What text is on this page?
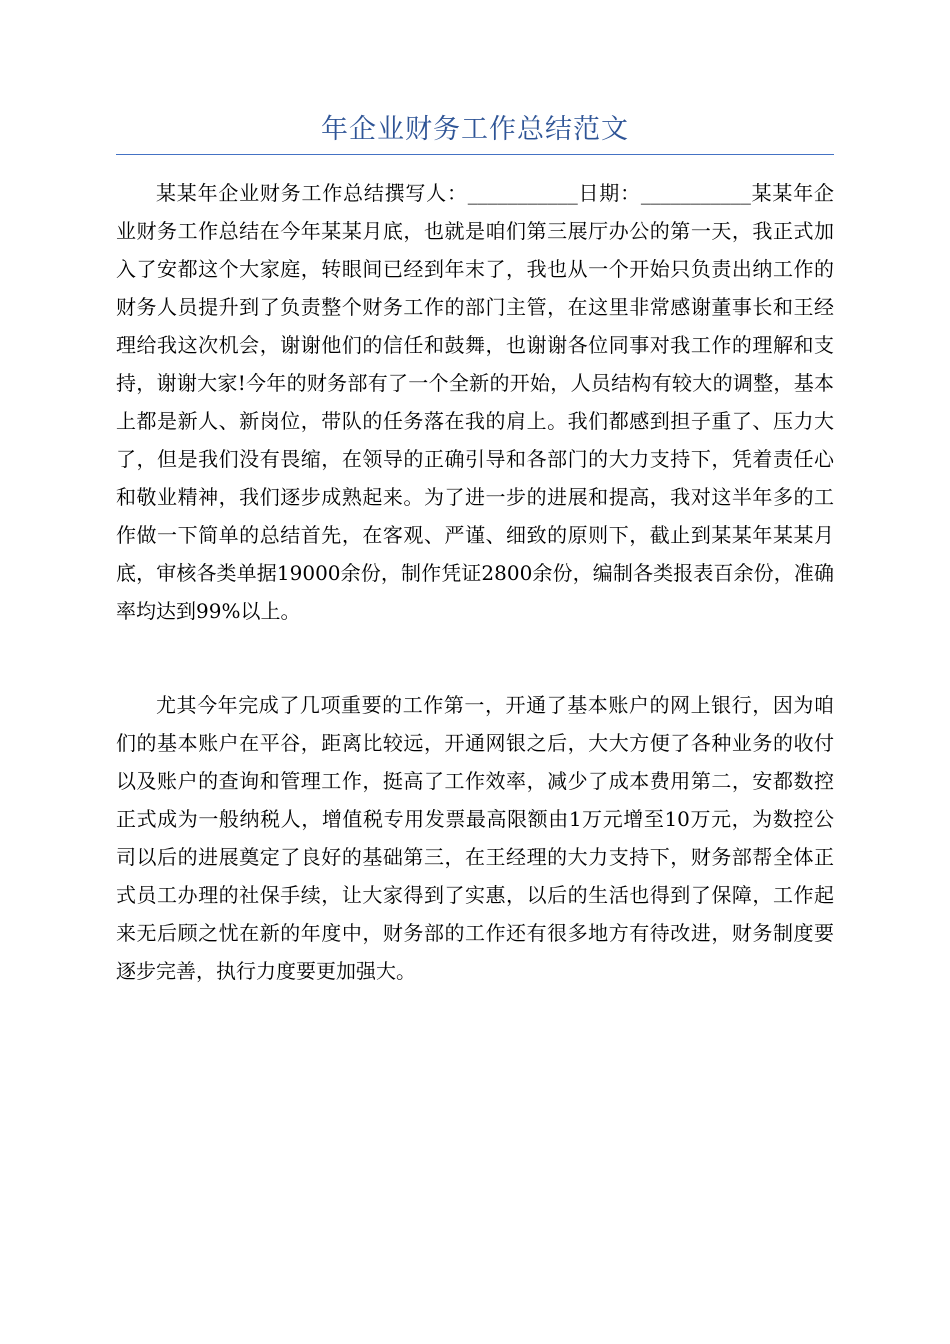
年企业财务工作总结范文

某某年企业财务工作总结撰写人：___________日期：___________某某年企业财务工作总结在今年某某月底，也就是咱们第三展厅办公的第一天，我正式加入了安都这个大家庭，转眼间已经到年末了，我也从一个开始只负责出纳工作的财务人员提升到了负责整个财务工作的部门主管，在这里非常感谢董事长和王经理给我这次机会，谢谢他们的信任和鼓舞，也谢谢各位同事对我工作的理解和支持，谢谢大家!今年的财务部有了一个全新的开始，人员结构有较大的调整，基本上都是新人、新岗位，带队的任务落在我的肩上。我们都感到担子重了、压力大了，但是我们没有畏缩，在领导的正确引导和各部门的大力支持下，凭着责任心和敬业精神，我们逐步成熟起来。为了进一步的进展和提高，我对这半年多的工作做一下简单的总结首先，在客观、严谨、细致的原则下，截止到某某年某某月底，审核各类单据19000余份，制作凭证2800余份，编制各类报表百余份，准确率均达到99%以上。

尤其今年完成了几项重要的工作第一，开通了基本账户的网上银行，因为咱们的基本账户在平谷，距离比较远，开通网银之后，大大方便了各种业务的收付以及账户的查询和管理工作，挺高了工作效率，减少了成本费用第二，安都数控正式成为一般纳税人，增值税专用发票最高限额由1万元增至10万元，为数控公司以后的进展奠定了良好的基础第三，在王经理的大力支持下，财务部帮全体正式员工办理的社保手续，让大家得到了实惠，以后的生活也得到了保障，工作起来无后顾之忧在新的年度中，财务部的工作还有很多地方有待改进，财务制度要逐步完善，执行力度要更加强大。
